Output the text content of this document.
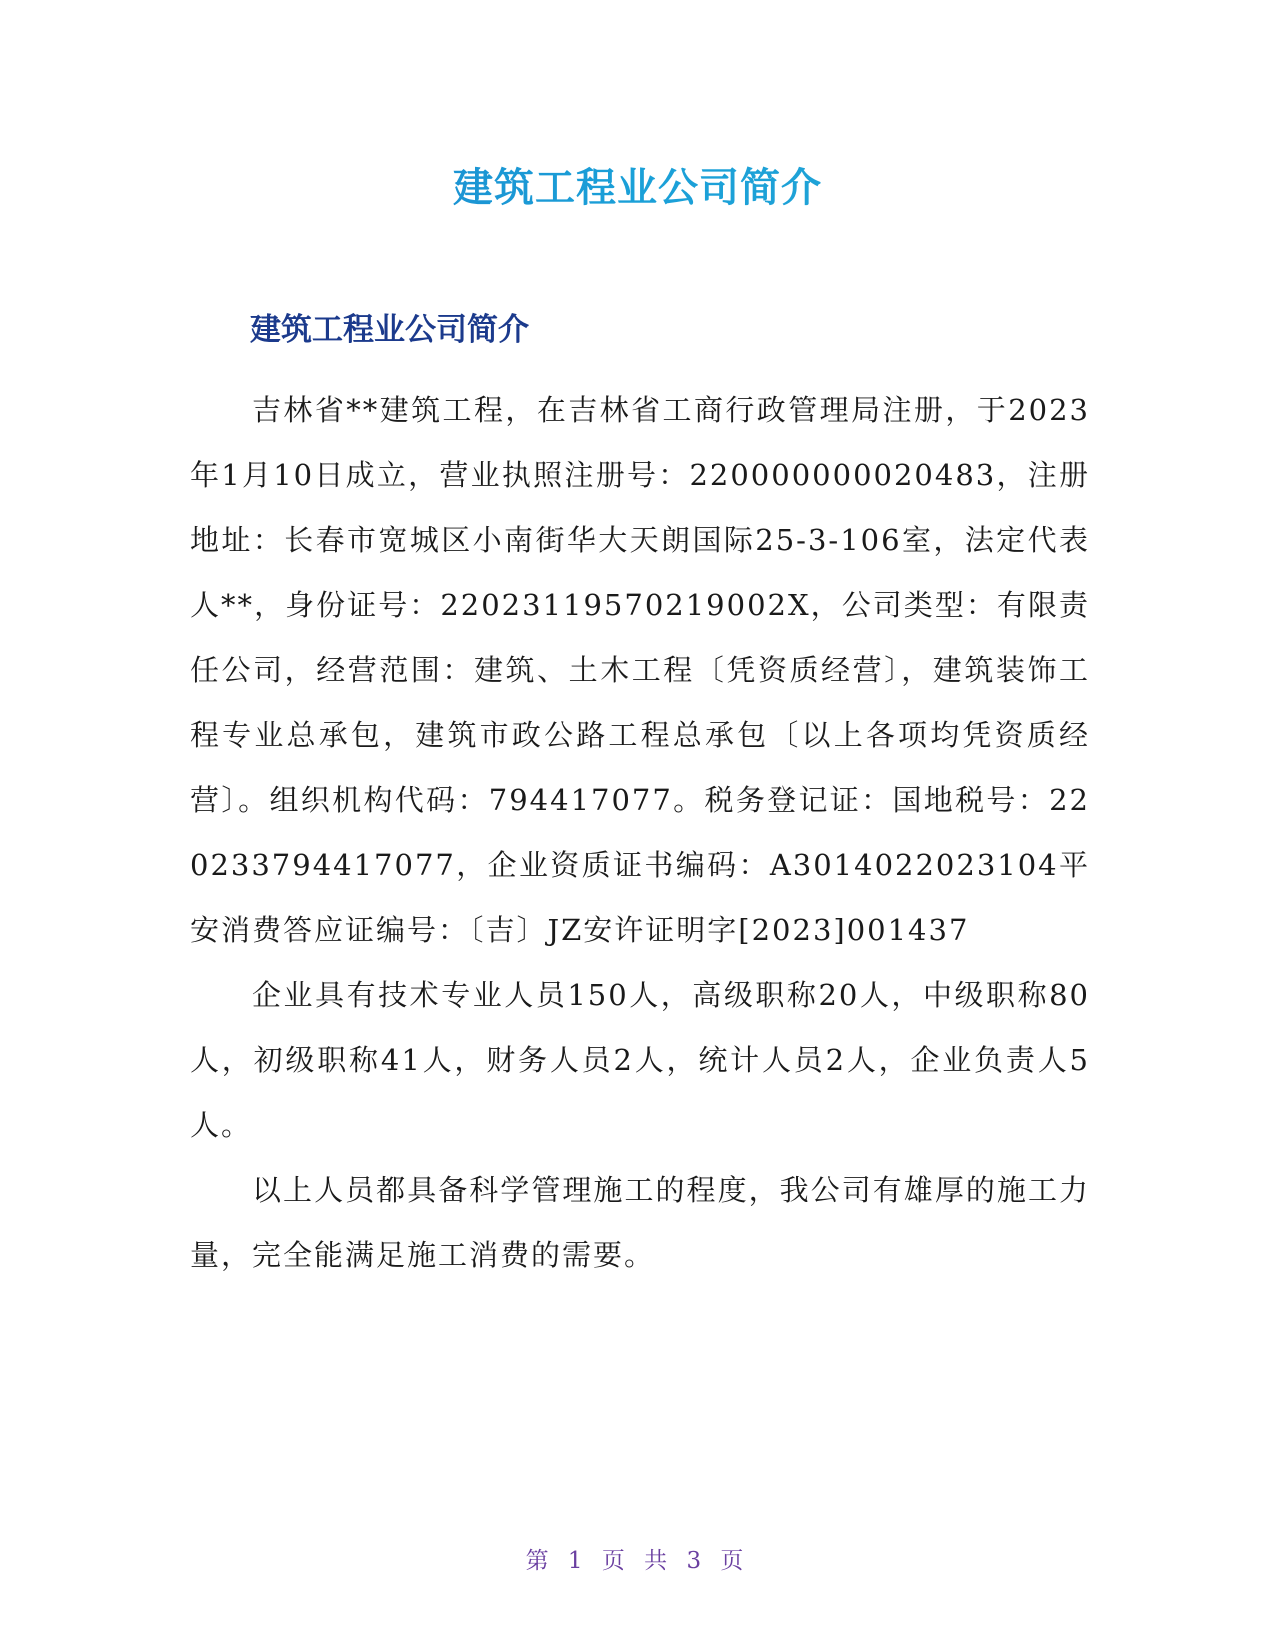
建筑工程业公司简介
建筑工程业公司简介

吉林省**建筑工程，在吉林省工商行政管理局注册，于2023年1月10日成立，营业执照注册号：220000000020483，注册地址：长春市宽城区小南街华大天朗国际25-3-106室，法定代表人**，身份证号：22023119570219002X，公司类型：有限责任公司，经营范围：建筑、土木工程〔凭资质经营〕，建筑装饰工程专业总承包，建筑市政公路工程总承包〔以上各项均凭资质经营〕。组织机构代码：794417077。税务登记证：国地税号：220233794417077，企业资质证书编码：A3014022023104平安消费答应证编号：〔吉〕JZ安许证明字[2023]001437

企业具有技术专业人员150人，高级职称20人，中级职称80人，初级职称41人，财务人员2人，统计人员2人，企业负责人5人。

以上人员都具备科学管理施工的程度，我公司有雄厚的施工力量，完全能满足施工消费的需要。

第 1 页 共 3 页
